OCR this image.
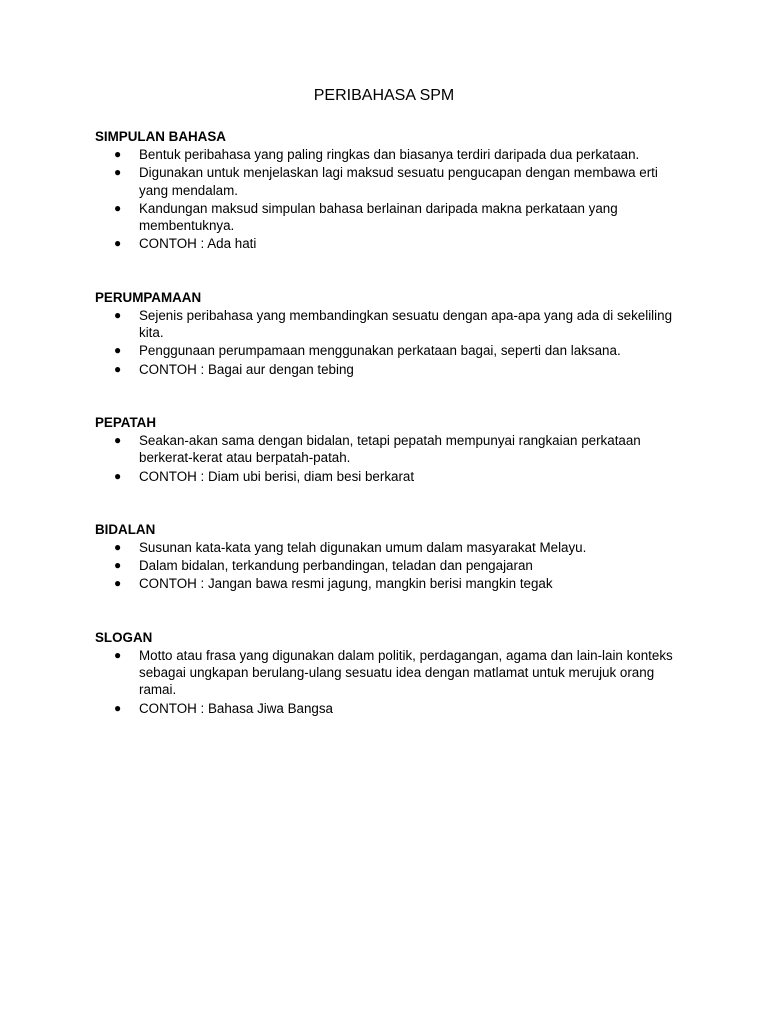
PERIBAHASA SPM
SIMPULAN BAHASA
● Bentuk peribahasa yang paling ringkas dan biasanya terdiri daripada dua perkataan.
● Digunakan untuk menjelaskan lagi maksud sesuatu pengucapan dengan membawa erti yang mendalam.
● Kandungan maksud simpulan bahasa berlainan daripada makna perkataan yang membentuknya.
● CONTOH : Ada hati
PERUMPAMAAN
● Sejenis peribahasa yang membandingkan sesuatu dengan apa-apa yang ada di sekeliling kita.
● Penggunaan perumpamaan menggunakan perkataan bagai, seperti dan laksana.
● CONTOH : Bagai aur dengan tebing
PEPATAH
● Seakan-akan sama dengan bidalan, tetapi pepatah mempunyai rangkaian perkataan berkerat-kerat atau berpatah-patah.
● CONTOH : Diam ubi berisi, diam besi berkarat
BIDALAN
● Susunan kata-kata yang telah digunakan umum dalam masyarakat Melayu.
● Dalam bidalan, terkandung perbandingan, teladan dan pengajaran
● CONTOH : Jangan bawa resmi jagung, mangkin berisi mangkin tegak
SLOGAN
● Motto atau frasa yang digunakan dalam politik, perdagangan, agama dan lain-lain konteks sebagai ungkapan berulang-ulang sesuatu idea dengan matlamat untuk merujuk orang ramai.
● CONTOH : Bahasa Jiwa Bangsa
